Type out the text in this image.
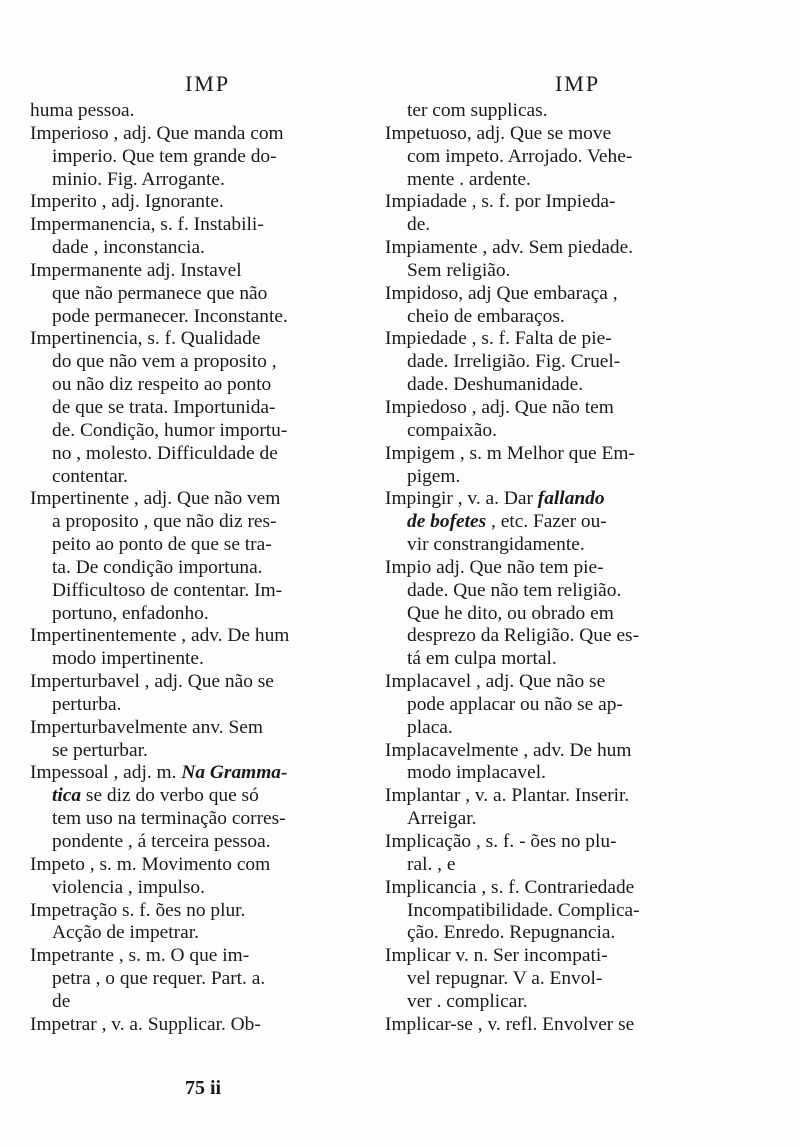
IMP
huma pessoa.
Imperioso , adj. Que manda com
imperio. Que tem grande do-
minio. Fig. Arrogante.
Imperito , adj. Ignorante.
Impermanencia, s. f. Instabili-
dade , inconstancia.
Impermanente adj. Instavel
que não permanece que não
pode permanecer. Inconstante.
Impertinencia, s. f. Qualidade
do que não vem a proposito ,
ou não diz respeito ao ponto
de que se trata. Importunida-
de. Condição, humor importu-
no , molesto. Difficuldade de
contentar.
Impertinente , adj. Que não vem
a proposito , que não diz res-
peito ao ponto de que se tra-
ta. De condição importuna.
Difficultoso de contentar. Im-
portuno, enfadonho.
Impertinentemente , adv. De hum
modo impertinente.
Imperturbavel , adj. Que não se
perturba.
Imperturbavelmente anv. Sem
se perturbar.
Impessoal , adj. m. Na Gramma-
tica se diz do verbo que só
tem uso na terminação corres-
pondente , á terceira pessoa.
Impeto , s. m. Movimento com
violencia , impulso.
Impetração s. f. ões no plur.
Acção de impetrar.
Impetrante , s. m. O que im-
petra , o que requer. Part. a.
de
Impetrar , v. a. Supplicar. Ob-
IMP
ter com supplicas.
Impetuoso, adj. Que se move
com impeto. Arrojado. Vehe-
mente . ardente.
Impiadade , s. f. por Impieda-
de.
Impiamente , adv. Sem piedade.
Sem religião.
Impidoso, adj Que embaraça ,
cheio de embaraços.
Impiedade , s. f. Falta de pie-
dade. Irreligião. Fig. Cruel-
dade. Deshumanidade.
Impiedoso , adj. Que não tem
compaixão.
Impigem , s. m Melhor que Em-
pigem.
Impingir , v. a. Dar fallando
de bofetes , etc. Fazer ou-
vir constrangidamente.
Impio adj. Que não tem pie-
dade. Que não tem religião.
Que he dito, ou obrado em
desprezo da Religião. Que es-
tá em culpa mortal.
Implacavel , adj. Que não se
pode applacar ou não se ap-
placa.
Implacavelmente , adv. De hum
modo implacavel.
Implantar , v. a. Plantar. Inserir.
Arreigar.
Implicação , s. f. - ões no plu-
ral. , e
Implicancia , s. f. Contrariedade
Incompatibilidade. Complica-
ção. Enredo. Repugnancia.
Implicar v. n. Ser incompati-
vel repugnar. V a. Envol-
ver . complicar.
Implicar-se , v. refl. Envolver se
75 ii
